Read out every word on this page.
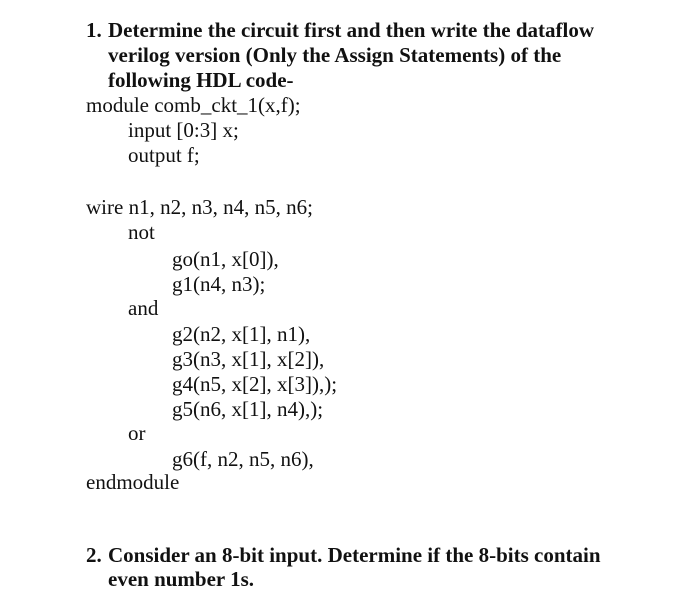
1. Determine the circuit first and then write the dataflow
verilog version (Only the Assign Statements) of the
following HDL code-
module comb_ckt_1(x,f);
input [0:3] x;
output f;
wire n1, n2, n3, n4, n5, n6;
not
go(n1, x[0]),
g1(n4, n3);
and
g2(n2, x[1], n1),
g3(n3, x[1], x[2]),
g4(n5, x[2], x[3]),);
g5(n6, x[1], n4),);
or
g6(f, n2, n5, n6),
endmodule
2. Consider an 8-bit input. Determine if the 8-bits contain
even number 1s.
